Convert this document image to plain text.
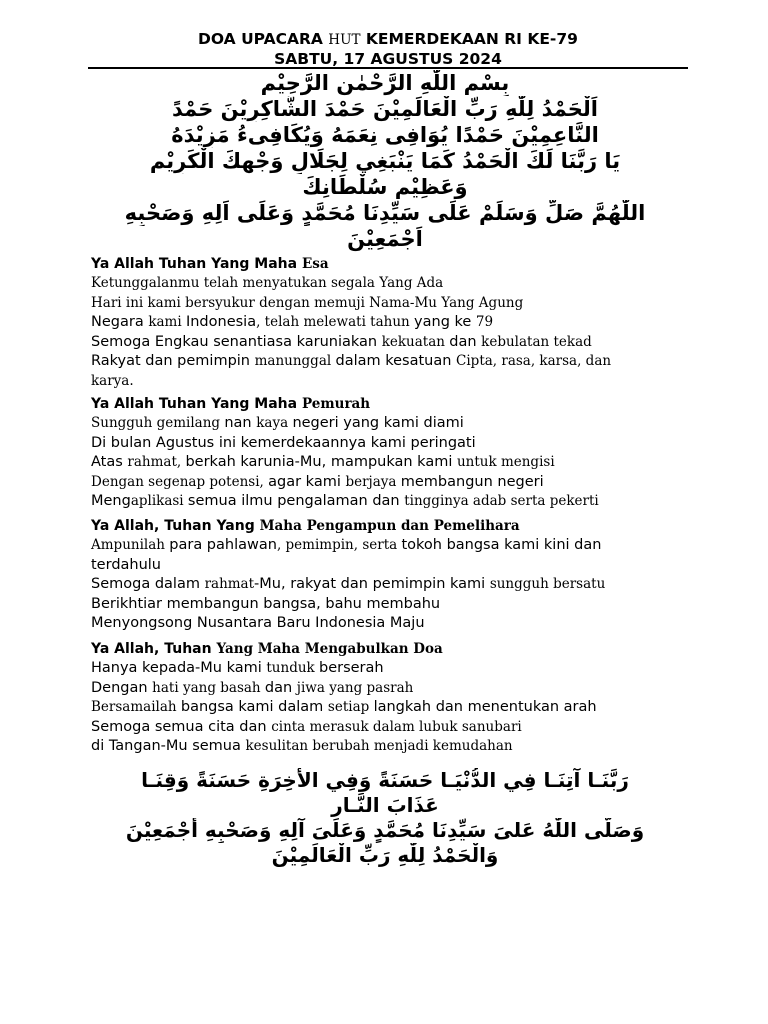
DOA UPACARA HUT KEMERDEKAAN RI KE-79
SABTU, 17 AGUSTUS 2024
بِسْمِ اللّٰهِ الرَّحْمٰنِ الرَّحِيْمِ
اَلْحَمْدُ لِلّٰهِ رَبِّ الْعَالَمِيْنَ حَمْدَ الشَّاكِرِيْنَ حَمْدً
النَّاعِمِيْنَ حَمْدًا يُوَافِى نِعَمَهُ وَيُكَافِىءُ مَزِيْدَهُ
يَا رَبَّنَا لَكَ الْحَمْدُ كَمَا يَنْبَغِي لِجَلَالِ وَجْهِكَ الْكَرِيْمِ
وَعَظِيْمِ سُلْطَانِكَ
اللّٰهُمَّ صَلِّ وَسَلِّمْ عَلَى سَيِّدِنَا مُحَمَّدٍ وَعَلَى اَلِهِ وَصَحْبِهِ
اَجْمَعِيْنَ
Ya Allah Tuhan Yang Maha Esa
Ketunggalanmu telah menyatukan segala Yang Ada
Hari ini kami bersyukur dengan memuji Nama-Mu Yang Agung
Negara kami Indonesia, telah melewati tahun yang ke 79
Semoga Engkau senantiasa karuniakan kekuatan dan kebulatan tekad
Rakyat dan pemimpin manunggal dalam kesatuan Cipta, rasa, karsa, dan
karya.
Ya Allah Tuhan Yang Maha Pemurah
Sungguh gemilang nan kaya negeri yang kami diami
Di bulan Agustus ini kemerdekaannya kami peringati
Atas rahmat, berkah karunia-Mu, mampukan kami untuk mengisi
Dengan segenap potensi, agar kami berjaya membangun negeri
Mengaplikasi semua ilmu pengalaman dan tingginya adab serta pekerti
Ya Allah, Tuhan Yang Maha Pengampun dan Pemelihara
Ampunilah para pahlawan, pemimpin, serta tokoh bangsa kami kini dan
terdahulu
Semoga dalam rahmat-Mu, rakyat dan pemimpin kami sungguh bersatu
Berikhtiar membangun bangsa, bahu membahu
Menyongsong Nusantara Baru Indonesia Maju
Ya Allah, Tuhan Yang Maha Mengabulkan Doa
Hanya kepada-Mu kami tunduk berserah
Dengan hati yang basah dan jiwa yang pasrah
Bersamailah bangsa kami dalam setiap langkah dan menentukan arah
Semoga semua cita dan cinta merasuk dalam lubuk sanubari
di Tangan-Mu semua kesulitan berubah menjadi kemudahan
رَبَّنَـا آتِنَـا فِي الدُّنْيَـا حَسَنَةً وَفِي الأَخِرَةِ حَسَنَةً وَقِنَـا
عَذَابَ النَّـار
وَصَلَّى اللّٰهُ عَلىَ سَيِّدِنَا مُحَمَّدٍ وَعَلَىَ آلِهِ وَصَحْبِهِ أَجْمَعِيْنَ
وَالْحَمْدُ لِلّٰهِ رَبِّ الْعَالَمِيْنَ
